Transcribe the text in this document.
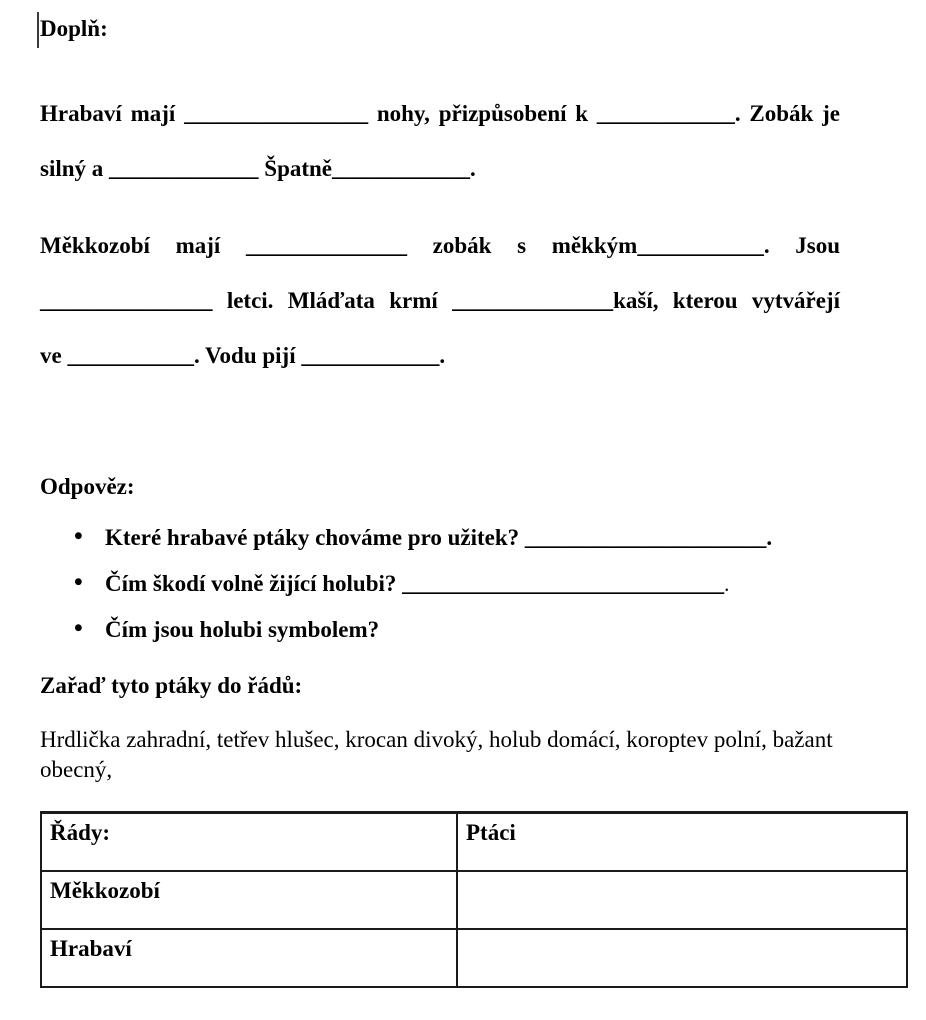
Doplň:
Hrabaví mají ________________ nohy, přizpůsobení k ____________. Zobák je
silný a _____________ Špatně____________.
Měkkozobí mají ______________ zobák s měkkým___________. Jsou
_______________ letci. Mláďata krmí ______________kaší, kterou vytvářejí
ve ___________. Vodu pijí ____________.
Odpověz:
• Které hrabavé ptáky chováme pro užitek? _____________________.
• Čím škodí volně žijící holubi? ____________________________.
• Čím jsou holubi symbolem?
Zařaď tyto ptáky do řádů:

Hrdlička zahradní, tetřev hlušec, krocan divoký, holub domácí, koroptev polní, bažant obecný,

Řády:	Ptáci
Měkkozobí	
Hrabaví	
